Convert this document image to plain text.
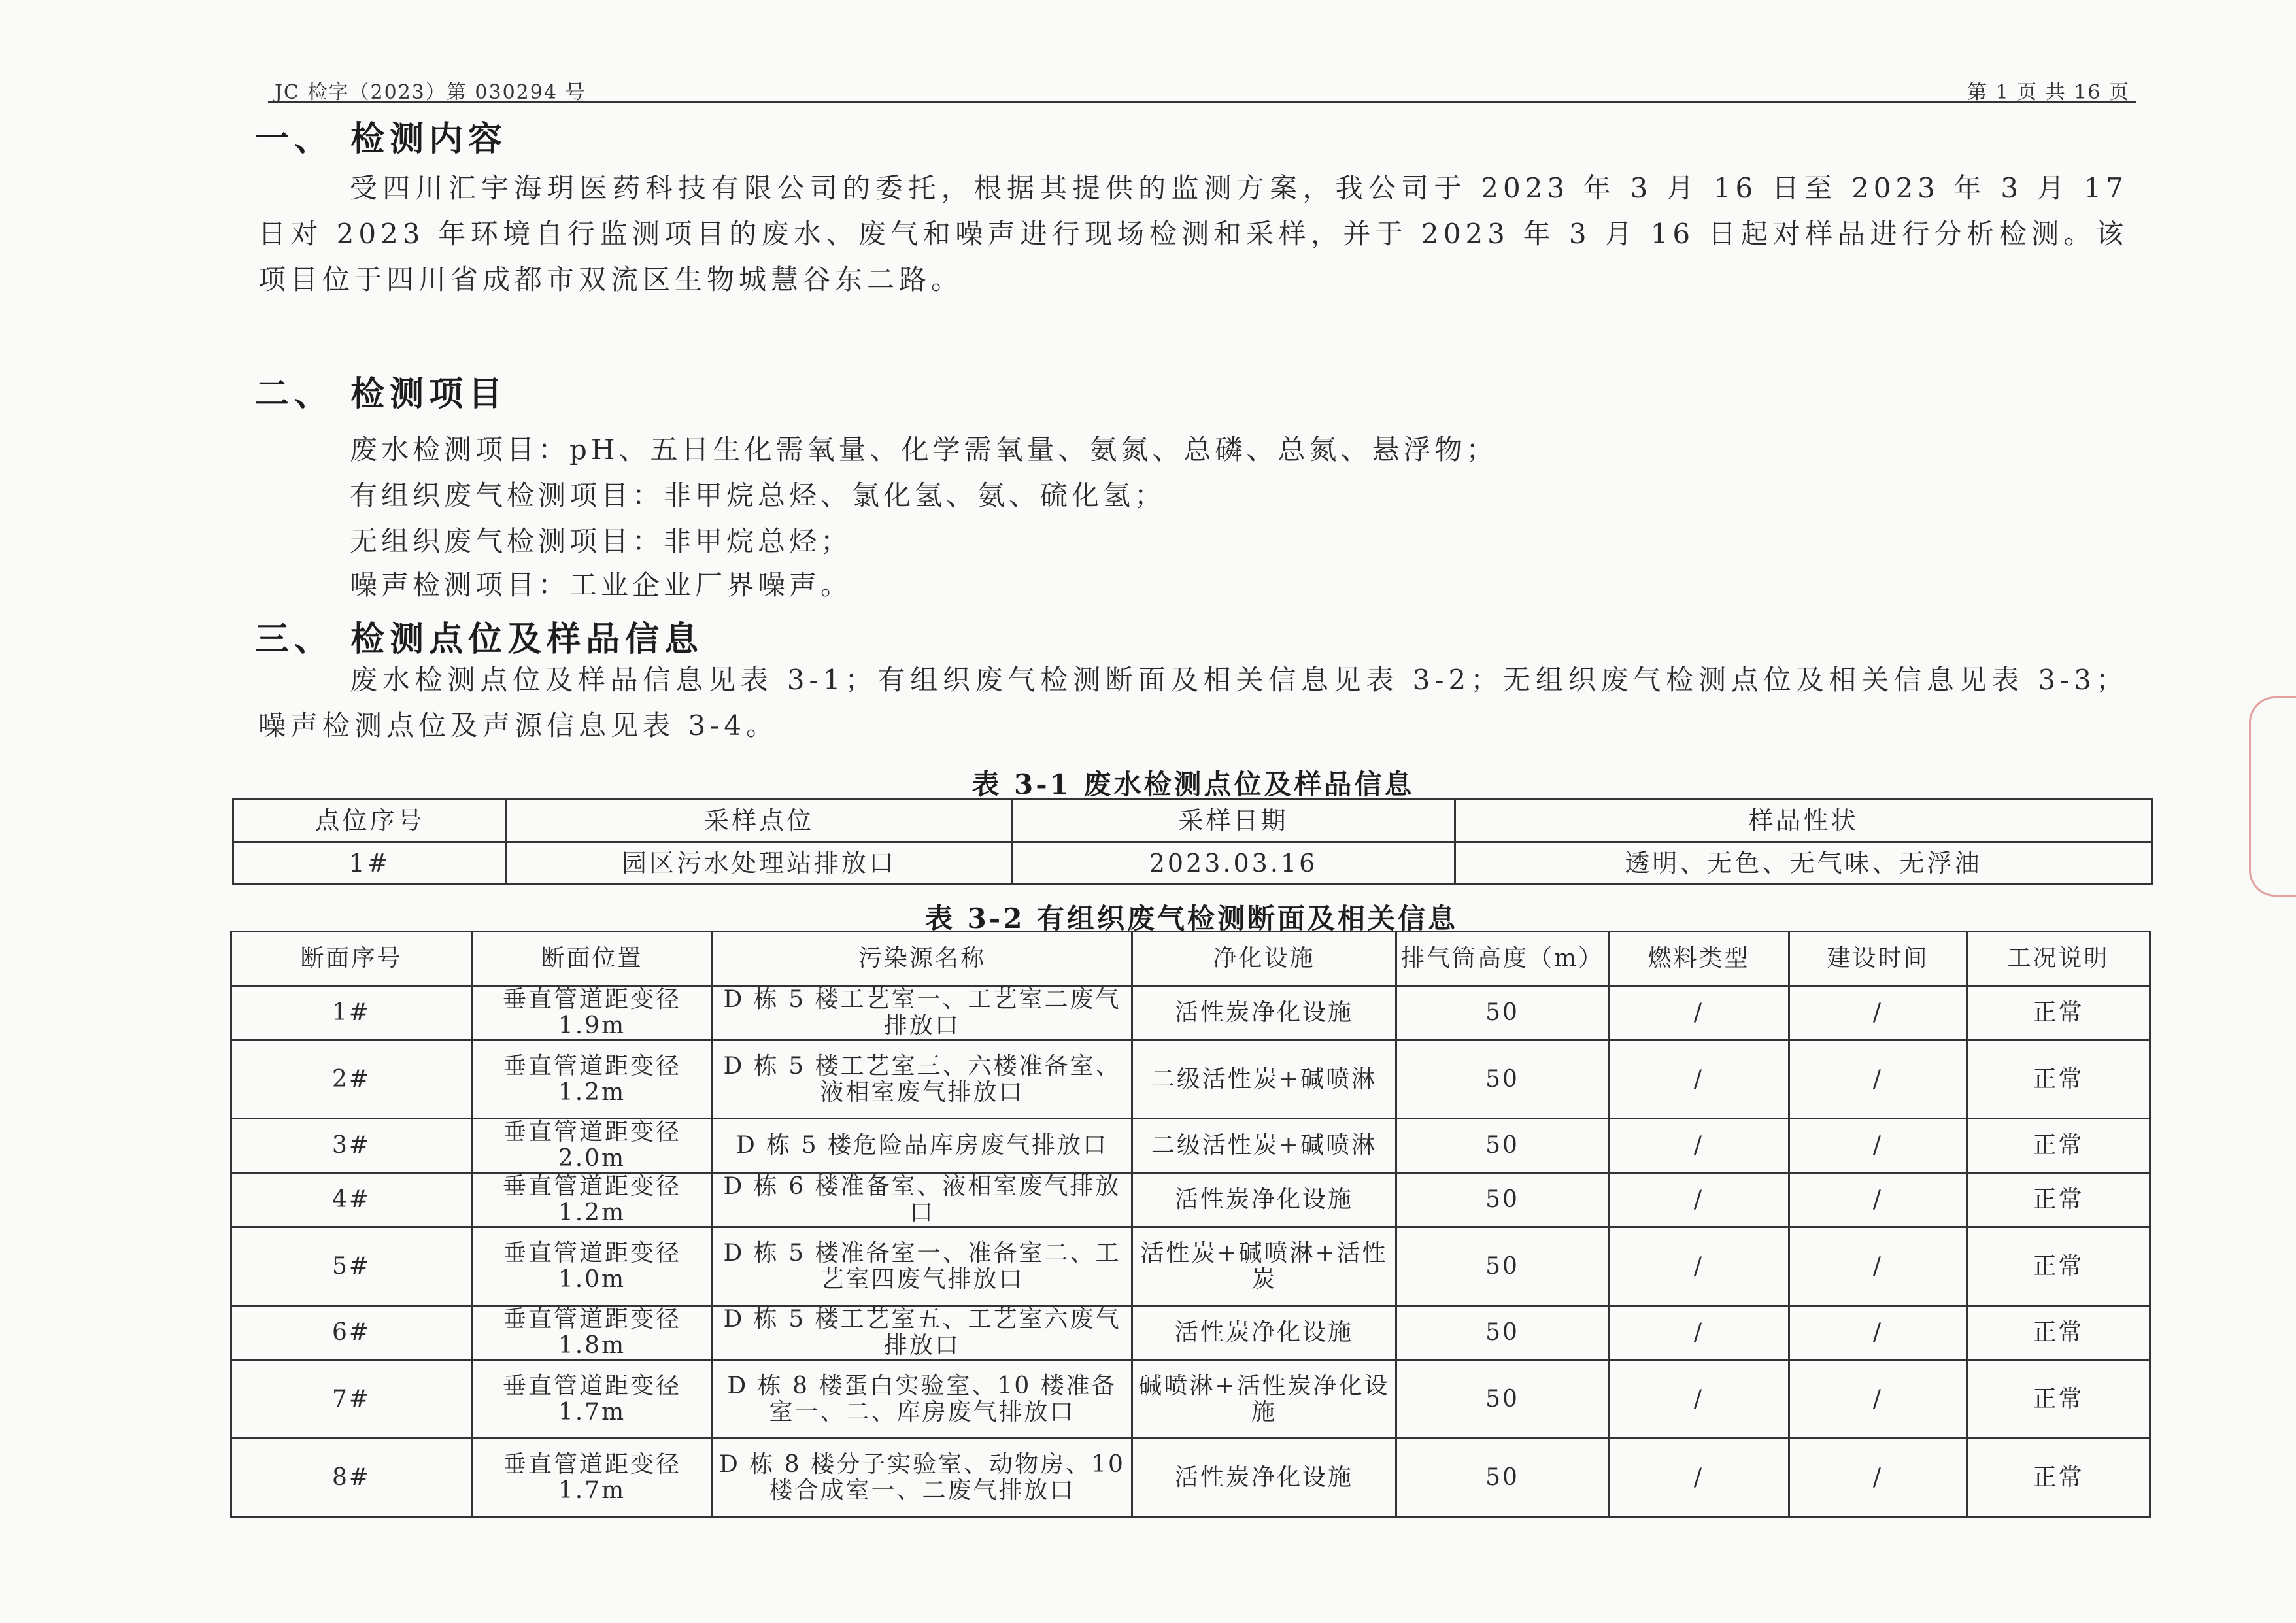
JC 检字（2023）第 030294 号	第 1 页 共 16 页
一、 检测内容
受四川汇宇海玥医药科技有限公司的委托，根据其提供的监测方案，我公司于 2023 年 3 月 16 日至 2023 年 3 月 17 日对 2023 年环境自行监测项目的废水、废气和噪声进行现场检测和采样，并于 2023 年 3 月 16 日起对样品进行分析检测。该项目位于四川省成都市双流区生物城慧谷东二路。
二、 检测项目
废水检测项目：pH、五日生化需氧量、化学需氧量、氨氮、总磷、总氮、悬浮物；
有组织废气检测项目：非甲烷总烃、氯化氢、氨、硫化氢；
无组织废气检测项目：非甲烷总烃；
噪声检测项目：工业企业厂界噪声。
三、 检测点位及样品信息
废水检测点位及样品信息见表 3-1；有组织废气检测断面及相关信息见表 3-2；无组织废气检测点位及相关信息见表 3-3；噪声检测点位及声源信息见表 3-4。
表 3-1 废水检测点位及样品信息
点位序号	采样点位	采样日期	样品性状
1#	园区污水处理站排放口	2023.03.16	透明、无色、无气味、无浮油
表 3-2 有组织废气检测断面及相关信息
断面序号	断面位置	污染源名称	净化设施	排气筒高度（m）	燃料类型	建设时间	工况说明
1#	垂直管道距变径 1.9m	D 栋 5 楼工艺室一、工艺室二废气排放口	活性炭净化设施	50	/	/	正常
2#	垂直管道距变径 1.2m	D 栋 5 楼工艺室三、六楼准备室、液相室废气排放口	二级活性炭+碱喷淋	50	/	/	正常
3#	垂直管道距变径 2.0m	D 栋 5 楼危险品库房废气排放口	二级活性炭+碱喷淋	50	/	/	正常
4#	垂直管道距变径 1.2m	D 栋 6 楼准备室、液相室废气排放口	活性炭净化设施	50	/	/	正常
5#	垂直管道距变径 1.0m	D 栋 5 楼准备室一、准备室二、工艺室四废气排放口	活性炭+碱喷淋+活性炭	50	/	/	正常
6#	垂直管道距变径 1.8m	D 栋 5 楼工艺室五、工艺室六废气排放口	活性炭净化设施	50	/	/	正常
7#	垂直管道距变径 1.7m	D 栋 8 楼蛋白实验室、10 楼准备室一、二、库房废气排放口	碱喷淋+活性炭净化设施	50	/	/	正常
8#	垂直管道距变径 1.7m	D 栋 8 楼分子实验室、动物房、10 楼合成室一、二废气排放口	活性炭净化设施	50	/	/	正常
